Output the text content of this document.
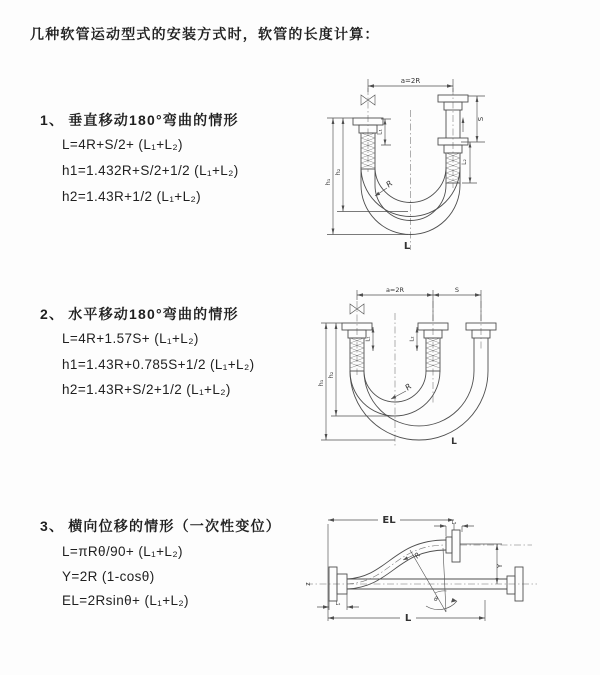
几种软管运动型式的安装方式时，软管的长度计算：
1、 垂直移动180°弯曲的情形
L=4R+S/2+ (L₁+L₂)
h1=1.432R+S/2+1/2 (L₁+L₂)
h2=1.43R+1/2 (L₁+L₂)
2、 水平移动180°弯曲的情形
L=4R+1.57S+ (L₁+L₂)
h1=1.43R+0.785S+1/2 (L₁+L₂)
h2=1.43R+S/2+1/2 (L₁+L₂)
3、 横向位移的情形（一次性变位）
L=πRθ/90+ (L₁+L₂)
Y=2R (1-cosθ)
EL=2Rsinθ+ (L₁+L₂)
a=2R
h₁
h₂
L₁
S
L₂
R
L
a=2R	S
h₁
h₂
L₁	L₂
R
L
EL	L₂
θ
Y
R
L₁
L
Z
